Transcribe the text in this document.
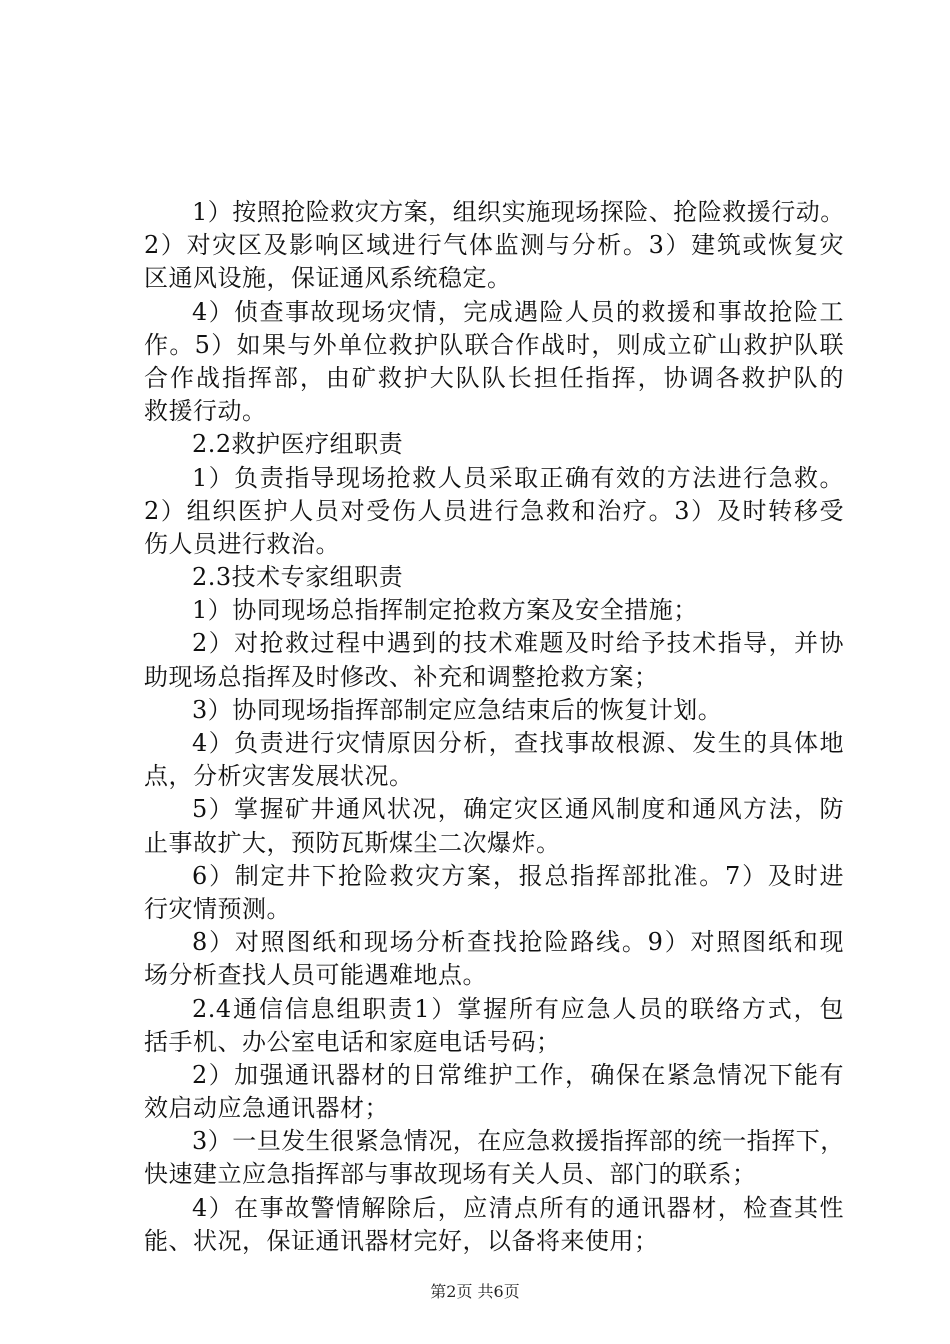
1）按照抢险救灾方案，组织实施现场探险、抢险救援行动。
2）对灾区及影响区域进行气体监测与分析。3）建筑或恢复灾
区通风设施，保证通风系统稳定。
4）侦查事故现场灾情，完成遇险人员的救援和事故抢险工
作。5）如果与外单位救护队联合作战时，则成立矿山救护队联
合作战指挥部，由矿救护大队队长担任指挥，协调各救护队的
救援行动。
2.2救护医疗组职责
1）负责指导现场抢救人员采取正确有效的方法进行急救。
2）组织医护人员对受伤人员进行急救和治疗。3）及时转移受
伤人员进行救治。
2.3技术专家组职责
1）协同现场总指挥制定抢救方案及安全措施；
2）对抢救过程中遇到的技术难题及时给予技术指导，并协
助现场总指挥及时修改、补充和调整抢救方案；
3）协同现场指挥部制定应急结束后的恢复计划。
4）负责进行灾情原因分析，查找事故根源、发生的具体地
点，分析灾害发展状况。
5）掌握矿井通风状况，确定灾区通风制度和通风方法，防
止事故扩大，预防瓦斯煤尘二次爆炸。
6）制定井下抢险救灾方案，报总指挥部批准。7）及时进
行灾情预测。
8）对照图纸和现场分析查找抢险路线。9）对照图纸和现
场分析查找人员可能遇难地点。
2.4通信信息组职责1）掌握所有应急人员的联络方式，包
括手机、办公室电话和家庭电话号码；
2）加强通讯器材的日常维护工作，确保在紧急情况下能有
效启动应急通讯器材；
3）一旦发生很紧急情况，在应急救援指挥部的统一指挥下，
快速建立应急指挥部与事故现场有关人员、部门的联系；
4）在事故警情解除后，应清点所有的通讯器材，检查其性
能、状况，保证通讯器材完好，以备将来使用；
第2页 共6页
